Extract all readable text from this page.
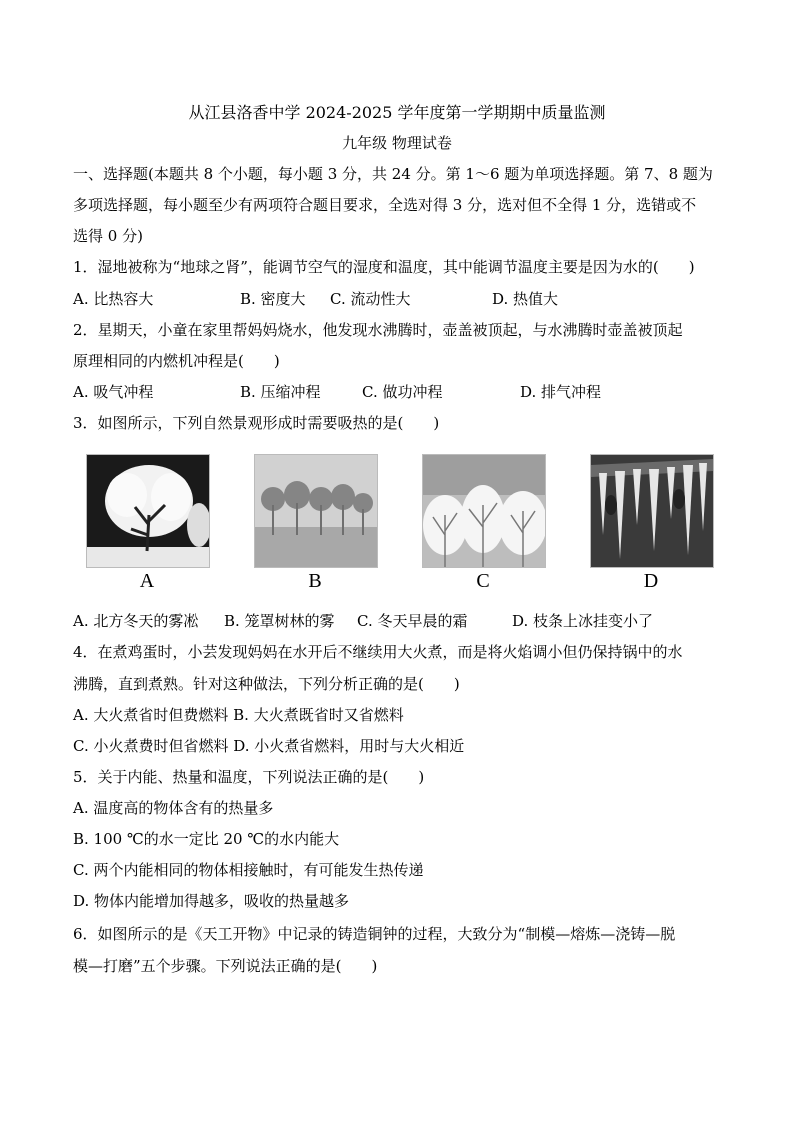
从江县洛香中学 2024-2025 学年度第一学期期中质量监测
九年级 物理试卷
一、选择题(本题共 8 个小题，每小题 3 分，共 24 分。第 1～6 题为单项选择题。第 7、8 题为
多项选择题，每小题至少有两项符合题目要求，全选对得 3 分，选对但不全得 1 分，选错或不
选得 0 分)
1．湿地被称为“地球之肾”，能调节空气的湿度和温度，其中能调节温度主要是因为水的(　　)
A. 比热容大	B. 密度大 C. 流动性大	D. 热值大
2．星期天，小童在家里帮妈妈烧水，他发现水沸腾时，壶盖被顶起，与水沸腾时壶盖被顶起
原理相同的内燃机冲程是(　　)
A. 吸气冲程	B. 压缩冲程	C. 做功冲程	D. 排气冲程
3．如图所示，下列自然景观形成时需要吸热的是(　　)
A	B	C	D
A. 北方冬天的雾凇 B. 笼罩树林的雾 C. 冬天早晨的霜	D. 枝条上冰挂变小了
4．在煮鸡蛋时，小芸发现妈妈在水开后不继续用大火煮，而是将火焰调小但仍保持锅中的水
沸腾，直到煮熟。针对这种做法，下列分析正确的是(　　)
A. 大火煮省时但费燃料 B. 大火煮既省时又省燃料
C. 小火煮费时但省燃料 D. 小火煮省燃料，用时与大火相近
5．关于内能、热量和温度，下列说法正确的是(　　)
A. 温度高的物体含有的热量多
B. 100 ℃的水一定比 20 ℃的水内能大
C. 两个内能相同的物体相接触时，有可能发生热传递
D. 物体内能增加得越多，吸收的热量越多
6．如图所示的是《天工开物》中记录的铸造铜钟的过程，大致分为“制模—熔炼—浇铸—脱
模—打磨”五个步骤。下列说法正确的是(　　)
